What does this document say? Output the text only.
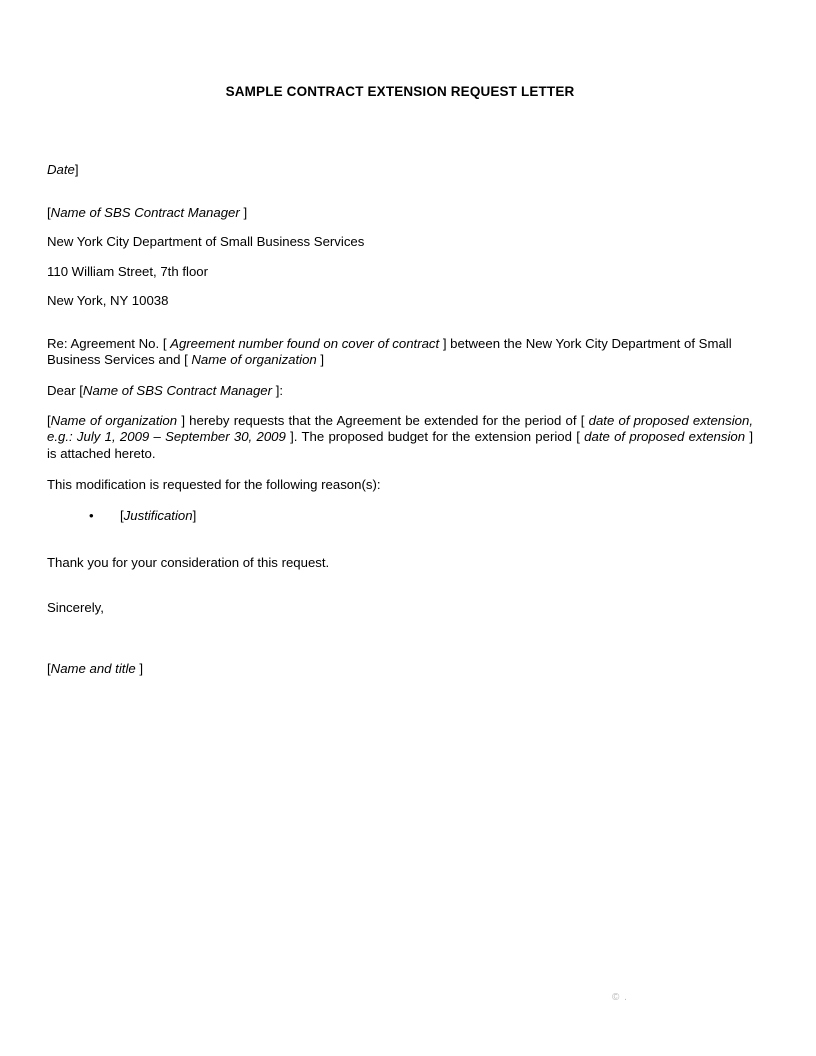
SAMPLE CONTRACT EXTENSION REQUEST LETTER

Date]

[Name of SBS Contract Manager ]

New York City Department of Small Business Services

110 William Street, 7th floor

New York, NY 10038

Re: Agreement No. [ Agreement number found on cover of contract ] between the New York City Department of Small Business Services and [ Name of organization ]

Dear [Name of SBS Contract Manager ]:

[Name of organization ] hereby requests that the Agreement be extended for the period of [ date of proposed extension, e.g.: July 1, 2009 – September 30, 2009 ]. The proposed budget for the extension period [ date of proposed extension ] is attached hereto.

This modification is requested for the following reason(s):

•	[Justification]

Thank you for your consideration of this request.

Sincerely,

[Name and title ]

© .
